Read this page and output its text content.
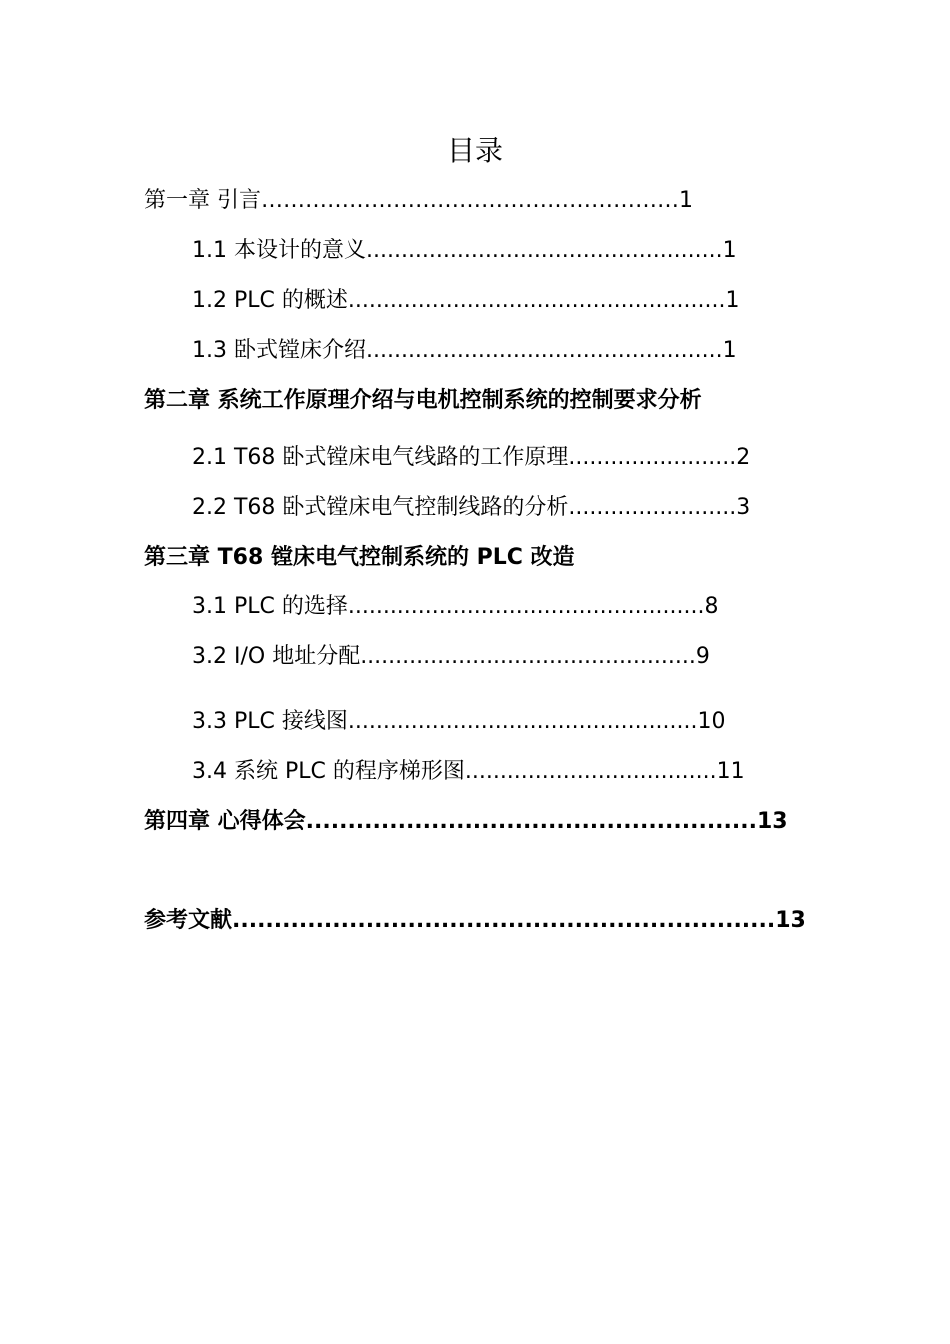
目录
第一章 引言…………………………………………………1
1.1 本设计的意义...................................................1
1.2 PLC 的概述......................................................1
1.3 卧式镗床介绍...................................................1
第二章 系统工作原理介绍与电机控制系统的控制要求分析
2.1 T68 卧式镗床电气线路的工作原理........................2
2.2 T68 卧式镗床电气控制线路的分析........................3
第三章 T68 镗床电气控制系统的 PLC 改造
3.1 PLC 的选择...................................................8
3.2 I/O 地址分配................................................9
3.3 PLC 接线图..................................................10
3.4 系统 PLC 的程序梯形图....................................11
第四章 心得体会......................................................13
参考文献.................................................................13
